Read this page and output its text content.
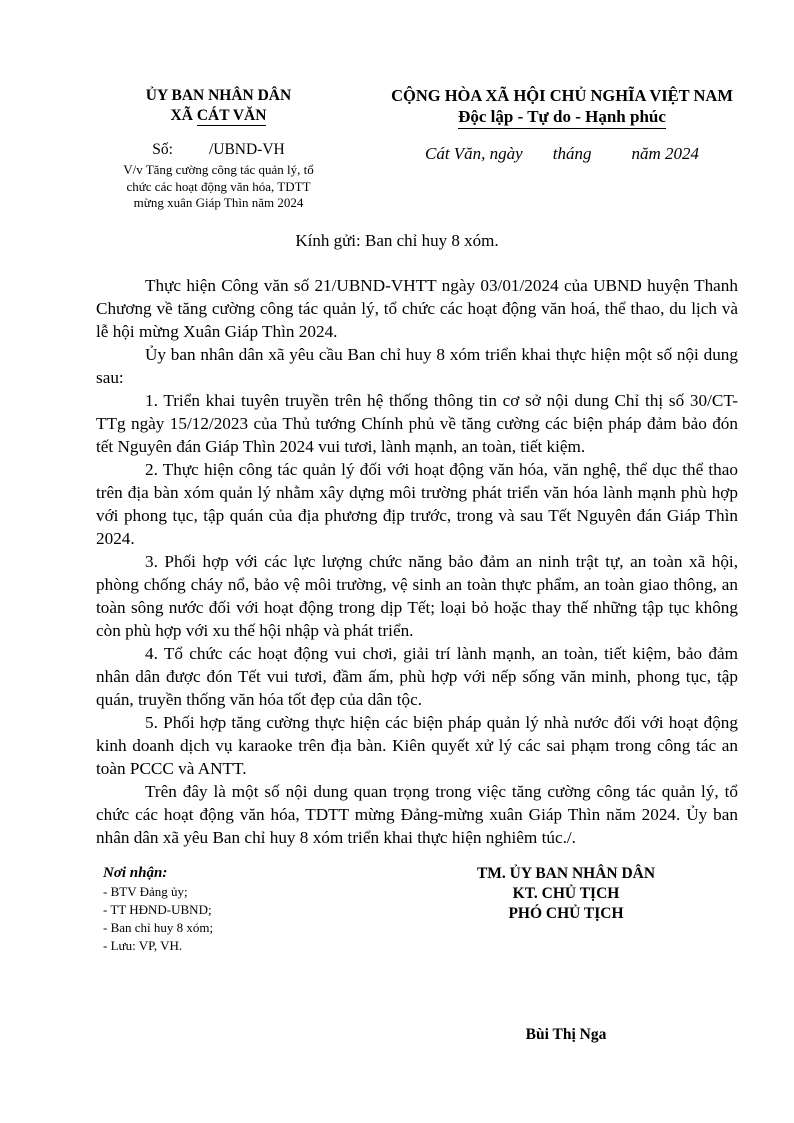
ỦY BAN NHÂN DÂN
XÃ CÁT VĂN
Số: /UBND-VH
V/v Tăng cường công tác quản lý, tổ
chức các hoạt động văn hóa, TDTT
mừng xuân Giáp Thìn năm 2024
CỘNG HÒA XÃ HỘI CHỦ NGHĨA VIỆT NAM
Độc lập - Tự do - Hạnh phúc
Cát Văn, ngày tháng năm 2024
Kính gửi: Ban chỉ huy 8 xóm.

Thực hiện Công văn số 21/UBND-VHTT ngày 03/01/2024 của UBND huyện Thanh Chương về tăng cường công tác quản lý, tổ chức các hoạt động văn hoá, thể thao, du lịch và lễ hội mừng Xuân Giáp Thìn 2024.

Ủy ban nhân dân xã yêu cầu Ban chỉ huy 8 xóm triển khai thực hiện một số nội dung sau:

1. Triển khai tuyên truyền trên hệ thống thông tin cơ sở nội dung Chỉ thị số 30/CT-TTg ngày 15/12/2023 của Thủ tướng Chính phủ về tăng cường các biện pháp đảm bảo đón tết Nguyên đán Giáp Thìn 2024 vui tươi, lành mạnh, an toàn, tiết kiệm.

2. Thực hiện công tác quản lý đối với hoạt động văn hóa, văn nghệ, thể dục thể thao trên địa bàn xóm quản lý nhằm xây dựng môi trường phát triển văn hóa lành mạnh phù hợp với phong tục, tập quán của địa phương địp trước, trong và sau Tết Nguyên đán Giáp Thìn 2024.

3. Phối hợp với các lực lượng chức năng bảo đảm an ninh trật tự, an toàn xã hội, phòng chống cháy nổ, bảo vệ môi trường, vệ sinh an toàn thực phẩm, an toàn giao thông, an toàn sông nước đối với hoạt động trong dịp Tết; loại bỏ hoặc thay thế những tập tục không còn phù hợp với xu thế hội nhập và phát triển.

4. Tổ chức các hoạt động vui chơi, giải trí lành mạnh, an toàn, tiết kiệm, bảo đảm nhân dân được đón Tết vui tươi, đầm ấm, phù hợp với nếp sống văn minh, phong tục, tập quán, truyền thống văn hóa tốt đẹp của dân tộc.

5. Phối hợp tăng cường thực hiện các biện pháp quản lý nhà nước đối với hoạt động kinh doanh dịch vụ karaoke trên địa bàn. Kiên quyết xử lý các sai phạm trong công tác an toàn PCCC và ANTT.

Trên đây là một số nội dung quan trọng trong việc tăng cường công tác quản lý, tổ chức các hoạt động văn hóa, TDTT mừng Đảng-mừng xuân Giáp Thìn năm 2024. Ủy ban nhân dân xã yêu Ban chỉ huy 8 xóm triển khai thực hiện nghiêm túc./.

Nơi nhận:
- BTV Đảng ủy;
- TT HĐND-UBND;
- Ban chỉ huy 8 xóm;
- Lưu: VP, VH.
TM. ỦY BAN NHÂN DÂN
KT. CHỦ TỊCH
PHÓ CHỦ TỊCH
Bùi Thị Nga
